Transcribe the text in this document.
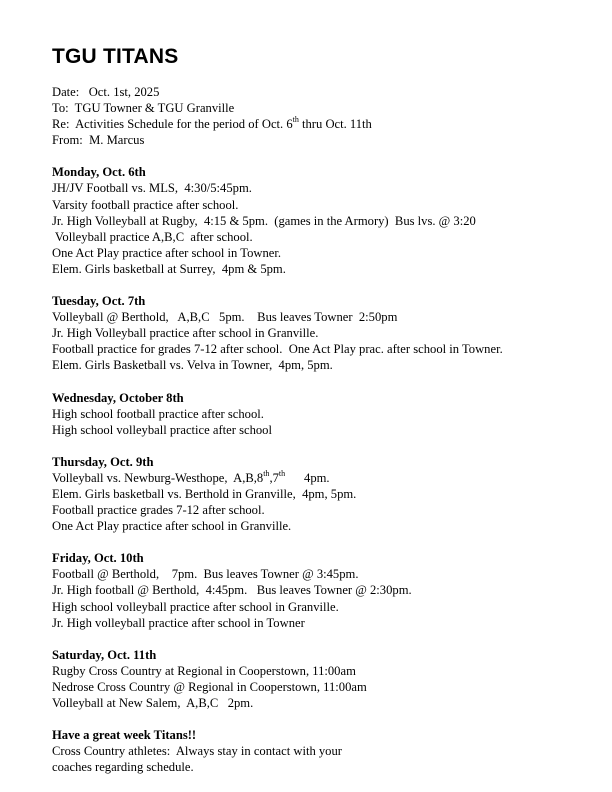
TGU TITANS
Date:   Oct. 1st, 2025
To:  TGU Towner & TGU Granville
Re:  Activities Schedule for the period of Oct. 6th thru Oct. 11th
From:  M. Marcus
Monday, Oct. 6th
JH/JV Football vs. MLS,  4:30/5:45pm.
Varsity football practice after school.
Jr. High Volleyball at Rugby,  4:15 & 5pm.  (games in the Armory)  Bus lvs. @ 3:20
Volleyball practice A,B,C  after school.
One Act Play practice after school in Towner.
Elem. Girls basketball at Surrey,  4pm & 5pm.
Tuesday, Oct. 7th
Volleyball @ Berthold,   A,B,C   5pm.    Bus leaves Towner  2:50pm
Jr. High Volleyball practice after school in Granville.
Football practice for grades 7-12 after school.  One Act Play prac. after school in Towner.
Elem. Girls Basketball vs. Velva in Towner,  4pm, 5pm.
Wednesday, October 8th
High school football practice after school.
High school volleyball practice after school
Thursday, Oct. 9th
Volleyball vs. Newburg-Westhope,  A,B,8th,7th      4pm.
Elem. Girls basketball vs. Berthold in Granville,  4pm, 5pm.
Football practice grades 7-12 after school.
One Act Play practice after school in Granville.
Friday, Oct. 10th
Football @ Berthold,    7pm.  Bus leaves Towner @ 3:45pm.
Jr. High football @ Berthold,  4:45pm.   Bus leaves Towner @ 2:30pm.
High school volleyball practice after school in Granville.
Jr. High volleyball practice after school in Towner
Saturday, Oct. 11th
Rugby Cross Country at Regional in Cooperstown, 11:00am
Nedrose Cross Country @ Regional in Cooperstown, 11:00am
Volleyball at New Salem,  A,B,C   2pm.
Have a great week Titans!!
Cross Country athletes:  Always stay in contact with your
coaches regarding schedule.
